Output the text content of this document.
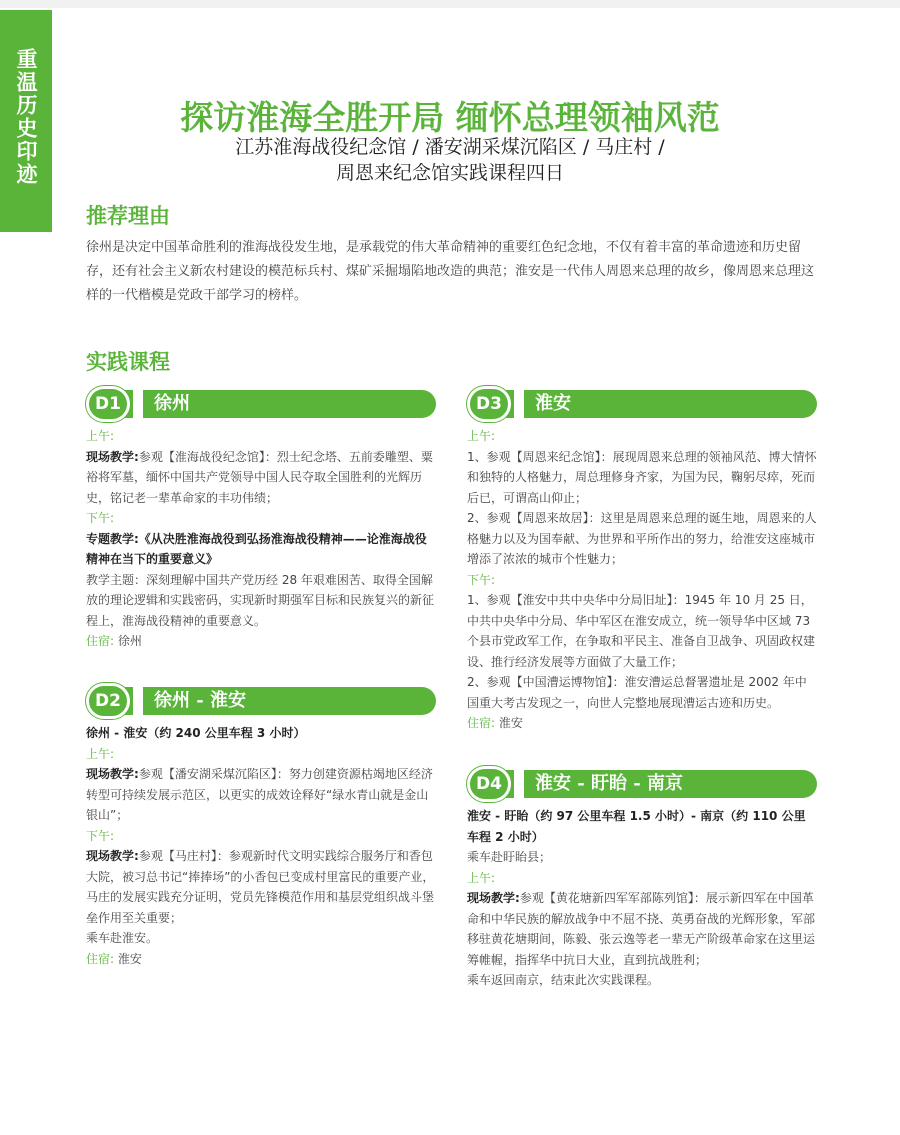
重温历史印迹	探访淮海全胜开局 缅怀总理领袖风范
江苏淮海战役纪念馆 / 潘安湖采煤沉陷区 / 马庄村 /
周恩来纪念馆实践课程四日
推荐理由
徐州是决定中国革命胜利的淮海战役发生地，是承载党的伟大革命精神的重要红色纪念地，不仅有着丰富的革命遗迹和历史留存，还有社会主义新农村建设的模范标兵村、煤矿采掘塌陷地改造的典范；淮安是一代伟人周恩来总理的故乡，像周恩来总理这样的一代楷模是党政干部学习的榜样。
实践课程
D1	徐州
上午:
现场教学:参观【淮海战役纪念馆】：烈士纪念塔、五前委雕塑、粟裕将军墓，缅怀中国共产党领导中国人民夺取全国胜利的光辉历史，铭记老一辈革命家的丰功伟绩；
下午:
专题教学:《从决胜淮海战役到弘扬淮海战役精神——论淮海战役精神在当下的重要意义》
教学主题：深刻理解中国共产党历经 28 年艰难困苦、取得全国解放的理论逻辑和实践密码，实现新时期强军目标和民族复兴的新征程上，淮海战役精神的重要意义。
住宿: 徐州
D2	徐州 - 淮安
徐州 - 淮安（约 240 公里车程 3 小时）
上午:
现场教学:参观【潘安湖采煤沉陷区】：努力创建资源枯竭地区经济转型可持续发展示范区，以更实的成效诠释好“绿水青山就是金山银山”；
下午:
现场教学:参观【马庄村】：参观新时代文明实践综合服务厅和香包大院，被习总书记“捧捧场”的小香包已变成村里富民的重要产业，马庄的发展实践充分证明，党员先锋模范作用和基层党组织战斗堡垒作用至关重要；
乘车赴淮安。
住宿: 淮安
D3	淮安
上午:
1、参观【周恩来纪念馆】：展现周恩来总理的领袖风范、博大情怀和独特的人格魅力，周总理修身齐家，为国为民，鞠躬尽瘁，死而后已，可谓高山仰止；
2、参观【周恩来故居】：这里是周恩来总理的诞生地，周恩来的人格魅力以及为国奉献、为世界和平所作出的努力，给淮安这座城市增添了浓浓的城市个性魅力；
下午:
1、参观【淮安中共中央华中分局旧址】：1945 年 10 月 25 日，中共中央华中分局、华中军区在淮安成立，统一领导华中区域 73 个县市党政军工作，在争取和平民主、准备自卫战争、巩固政权建设、推行经济发展等方面做了大量工作；
2、参观【中国漕运博物馆】：淮安漕运总督署遗址是 2002 年中国重大考古发现之一，向世人完整地展现漕运古迹和历史。
住宿: 淮安
D4	淮安 - 盱眙 - 南京
淮安 - 盱眙（约 97 公里车程 1.5 小时）- 南京（约 110 公里车程 2 小时）
乘车赴盱眙县；
上午:
现场教学:参观【黄花塘新四军军部陈列馆】：展示新四军在中国革命和中华民族的解放战争中不屈不挠、英勇奋战的光辉形象，军部移驻黄花塘期间，陈毅、张云逸等老一辈无产阶级革命家在这里运筹帷幄，指挥华中抗日大业，直到抗战胜利；
乘车返回南京，结束此次实践课程。
